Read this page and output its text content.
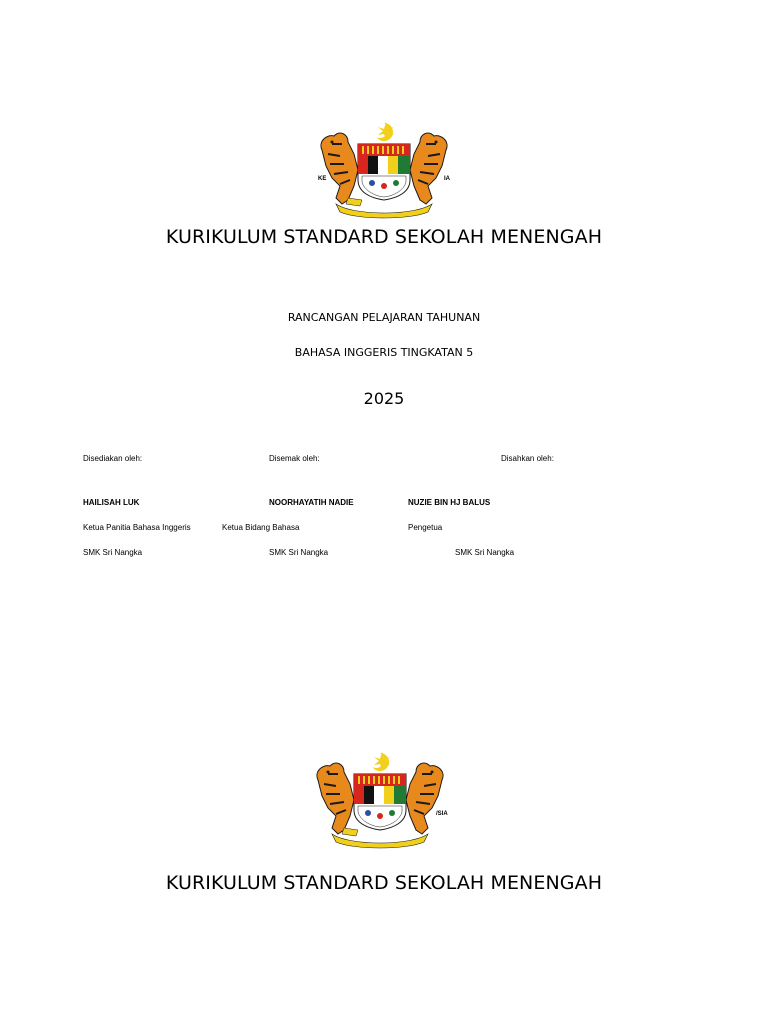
KE	IA
KURIKULUM STANDARD SEKOLAH MENENGAH
RANCANGAN PELAJARAN TAHUNAN
BAHASA INGGERIS TINGKATAN 5
2025
Disediakan oleh:	Disemak oleh:	Disahkan oleh:
HAILISAH LUK	NOORHAYATIH NADIE	NUZIE BIN HJ BALUS
Ketua Panitia Bahasa Inggeris	Ketua Bidang Bahasa	Pengetua
SMK Sri Nangka	SMK Sri Nangka	SMK Sri Nangka
/SIA
KURIKULUM STANDARD SEKOLAH MENENGAH
